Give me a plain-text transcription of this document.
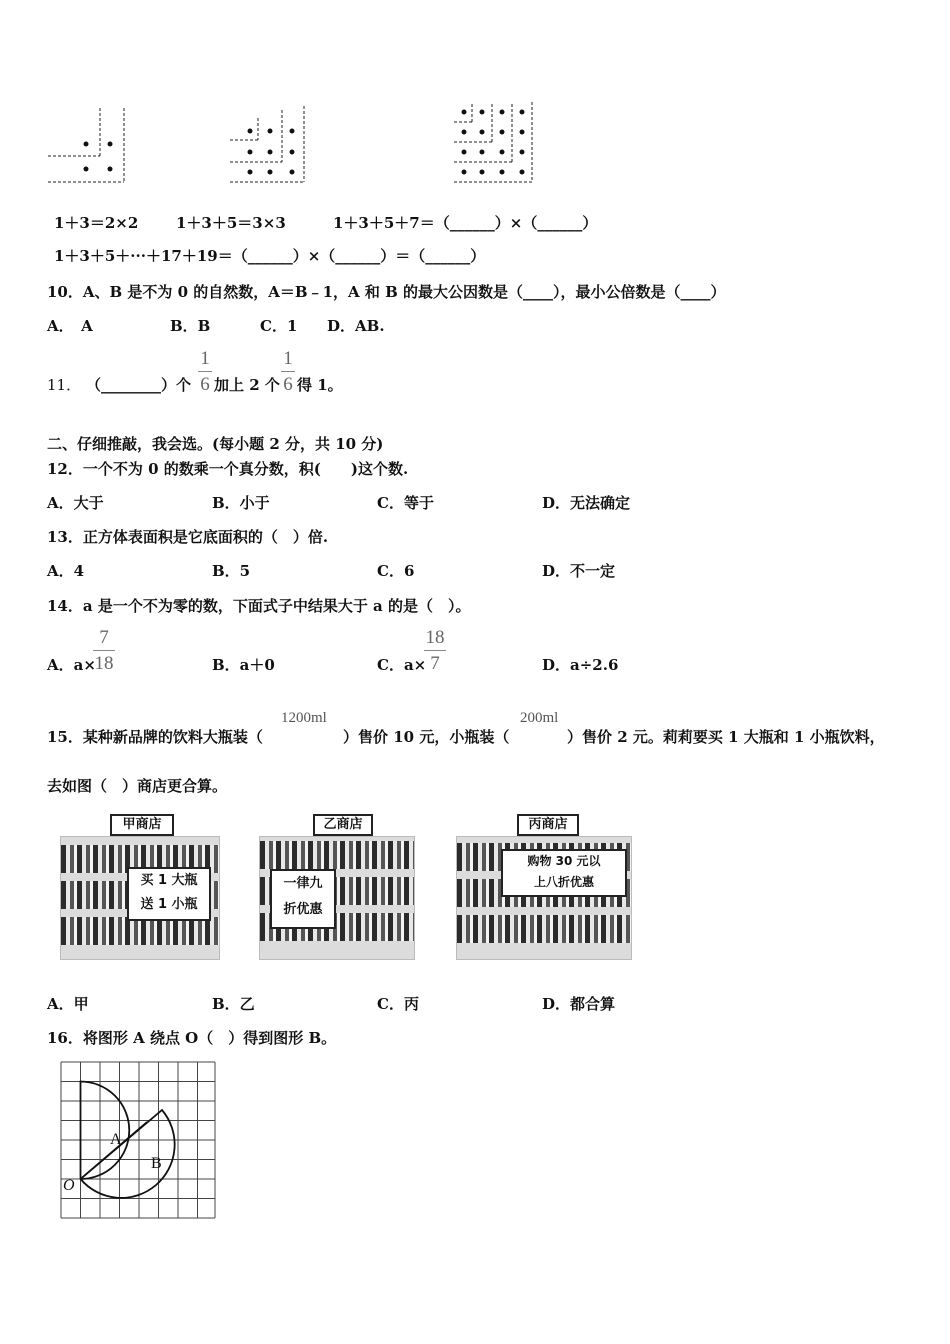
1＋3＝2×2	1＋3＋5＝3×3	1＋3＋5＋7＝（______）×（______）
1＋3＋5＋···＋17＋19＝（______）×（______）＝（______）
10．A、B 是不为 0 的自然数，A＝B﹣1，A 和 B 的最大公因数是（____），最小公倍数是（____）
A．　A	B．B	C．1 D．AB.
11． （________）个
1
6 加上 2 个
1
6 得 1。
二、仔细推敲，我会选。(每小题 2 分，共 10 分)
12．一个不为 0 的数乘一个真分数，积(　　)这个数.
A．大于	B．小于	C．等于	D．无法确定
13．正方体表面积是它底面积的（　）倍.
A．4	B．5	C．6	D．不一定
14．a 是一个不为零的数，下面式子中结果大于 a 的是（　）。
A．a×
7
18	B．a＋0	C．a×
18
7	D．a÷2.6
15．某种新品牌的饮料大瓶装（
1200ml
）售价 10 元，小瓶装（
200ml
）售价 2 元。莉莉要买 1 大瓶和 1 小瓶饮料，
去如图（　）商店更合算。
买 1 大瓶
送 1 小瓶
甲商店
一律九
折优惠
乙商店
购物 30 元以
上八折优惠
丙商店
A．甲	B．乙	C．丙	D．都合算
16．将图形 A 绕点 O（　）得到图形 B。
A
B
O
